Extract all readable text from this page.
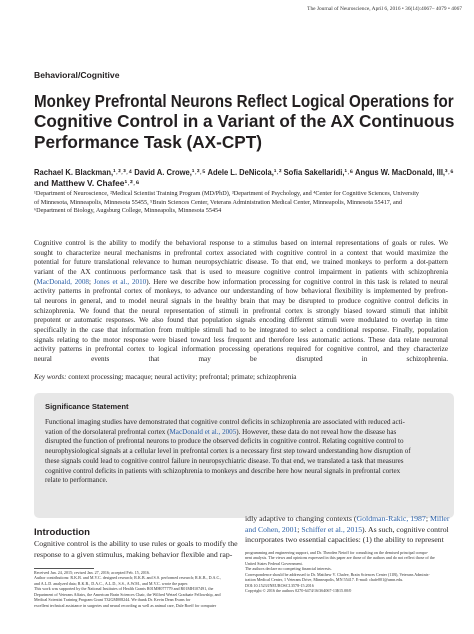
The Journal of Neuroscience, April 6, 2016 • 36(14):4067– 4079 • 4067
Behavioral/Cognitive
Monkey Prefrontal Neurons Reflect Logical Operations for
Cognitive Control in a Variant of the AX Continuous
Performance Task (AX-CPT)
Rachael K. Blackman,¹˒²˒³˒⁴ David A. Crowe,¹˒²˒⁵ Adele L. DeNicola,¹˒² Sofia Sakellaridi,¹˒⁶ Angus W. MacDonald, III,³˒⁶
and Matthew V. Chafee¹˒²˒⁶
¹Department of Neuroscience, ²Medical Scientist Training Program (MD/PhD), ³Department of Psychology, and ⁴Center for Cognitive Sciences, University
of Minnesota, Minneapolis, Minnesota 55455, ⁵Brain Sciences Center, Veterans Administration Medical Center, Minneapolis, Minnesota 55417, and
⁶Department of Biology, Augsburg College, Minneapolis, Minnesota 55454

Cognitive control is the ability to modify the behavioral response to a stimulus based on internal representations of goals or rules. We
sought to characterize neural mechanisms in prefrontal cortex associated with cognitive control in a context that would maximize the
potential for future translational relevance to human neuropsychiatric disease. To that end, we trained monkeys to perform a dot-pattern
variant of the AX continuous performance task that is used to measure cognitive control impairment in patients with schizophrenia
(MacDonald, 2008; Jones et al., 2010). Here we describe how information processing for cognitive control in this task is related to neural
activity patterns in prefrontal cortex of monkeys, to advance our understanding of how behavioral flexibility is implemented by prefron-
tal neurons in general, and to model neural signals in the healthy brain that may be disrupted to produce cognitive control deficits in
schizophrenia. We found that the neural representation of stimuli in prefrontal cortex is strongly biased toward stimuli that inhibit
prepotent or automatic responses. We also found that population signals encoding different stimuli were modulated to overlap in time
specifically in the case that information from multiple stimuli had to be integrated to select a conditional response. Finally, population
signals relating to the motor response were biased toward less frequent and therefore less automatic actions. These data relate neuronal
activity patterns in prefrontal cortex to logical information processing operations required for cognitive control, and they characterize
neural events that may be disrupted in schizophrenia.

Key words: context processing; macaque; neural activity; prefrontal; primate; schizophrenia
Significance Statement
Functional imaging studies have demonstrated that cognitive control deficits in schizophrenia are associated with reduced acti-
vation of the dorsolateral prefrontal cortex (MacDonald et al., 2005). However, these data do not reveal how the disease has
disrupted the function of prefrontal neurons to produce the observed deficits in cognitive control. Relating cognitive control to
neurophysiological signals at a cellular level in prefrontal cortex is a necessary first step toward understanding how disruption of
these signals could lead to cognitive control failure in neuropsychiatric disease. To that end, we translated a task that measures
cognitive control deficits in patients with schizophrenia to monkeys and describe here how neural signals in prefrontal cortex
relate to performance.
Introduction
Cognitive control is the ability to use rules or goals to modify the
response to a given stimulus, making behavior flexible and rap-
idly adaptive to changing contexts (Goldman-Rakic, 1987; Miller
and Cohen, 2001; Schiffer et al., 2015). As such, cognitive control
incorporates two essential capacities: (1) the ability to represent
Received Jan. 24, 2015; revised Jan. 27, 2016; accepted Feb. 15, 2016.
Author contributions: R.K.B. and M.V.C. designed research; R.K.B. and S.S. performed research; R.K.B., D.A.C.,
and A.L.D. analyzed data; R.K.B., D.A.C., A.L.D., S.S., A.W.M., and M.V.C. wrote the paper.
This work was supported by the National Institutes of Health Grants R01MH077779 and R01MH107491, the
Department of Veterans Affairs, the American Brain Sciences Chair, the Wilfred Wetzel Graduate Fellowship, and
Medical Scientist Training Program Grant T32GM008244. We thank Dr. Kevin Dean Evans for
excellent technical assistance in surgeries and neural recording as well as animal care, Dale Boeff for computer
programming and engineering support, and Dr. Theoden Netoff for consulting on the demixed principal compo-
nent analysis. The views and opinions expressed in this paper are those of the authors and do not reflect those of the
United States Federal Government.
The authors declare no competing financial interests.
Correspondence should be addressed to Dr. Matthew V. Chafee, Brain Sciences Center (11B), Veterans Adminis-
tration Medical Center, 1 Veterans Drive, Minneapolis, MN 55417. E-mail: chafe001@umn.edu.
DOI:10.1523/JNEUROSCI.3578-15.2016
Copyright © 2016 the authors 0270-6474/16/364067-13$15.00/0
